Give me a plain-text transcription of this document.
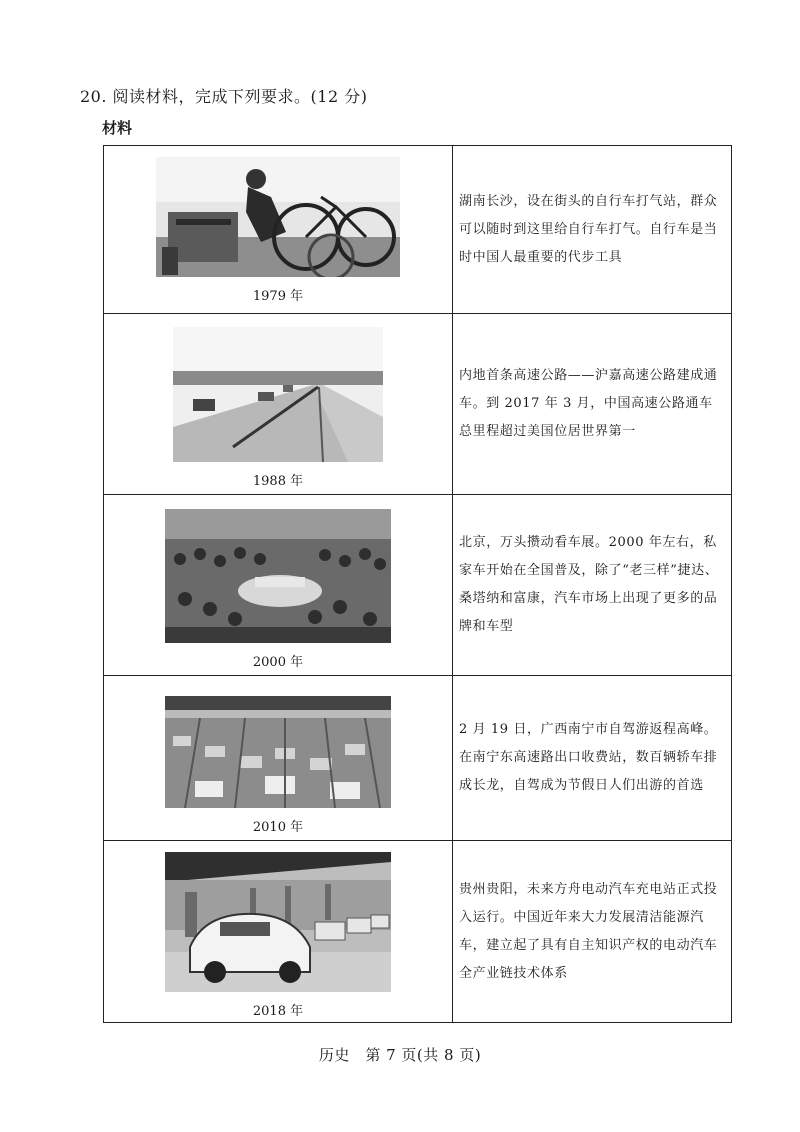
20. 阅读材料，完成下列要求。(12 分)
材料
1979 年	湖南长沙，设在街头的自行车打气站，群众可以随时到这里给自行车打气。自行车是当时中国人最重要的代步工具

1988 年	内地首条高速公路——沪嘉高速公路建成通车。到 2017 年 3 月，中国高速公路通车总里程超过美国位居世界第一

2000 年	北京，万头攒动看车展。2000 年左右，私家车开始在全国普及，除了“老三样”捷达、桑塔纳和富康，汽车市场上出现了更多的品牌和车型

2010 年	2 月 19 日，广西南宁市自驾游返程高峰。在南宁东高速路出口收费站，数百辆轿车排成长龙，自驾成为节假日人们出游的首选

2018 年	贵州贵阳，未来方舟电动汽车充电站正式投入运行。中国近年来大力发展清洁能源汽车，建立起了具有自主知识产权的电动汽车全产业链技术体系
历史　第 7 页(共 8 页)
